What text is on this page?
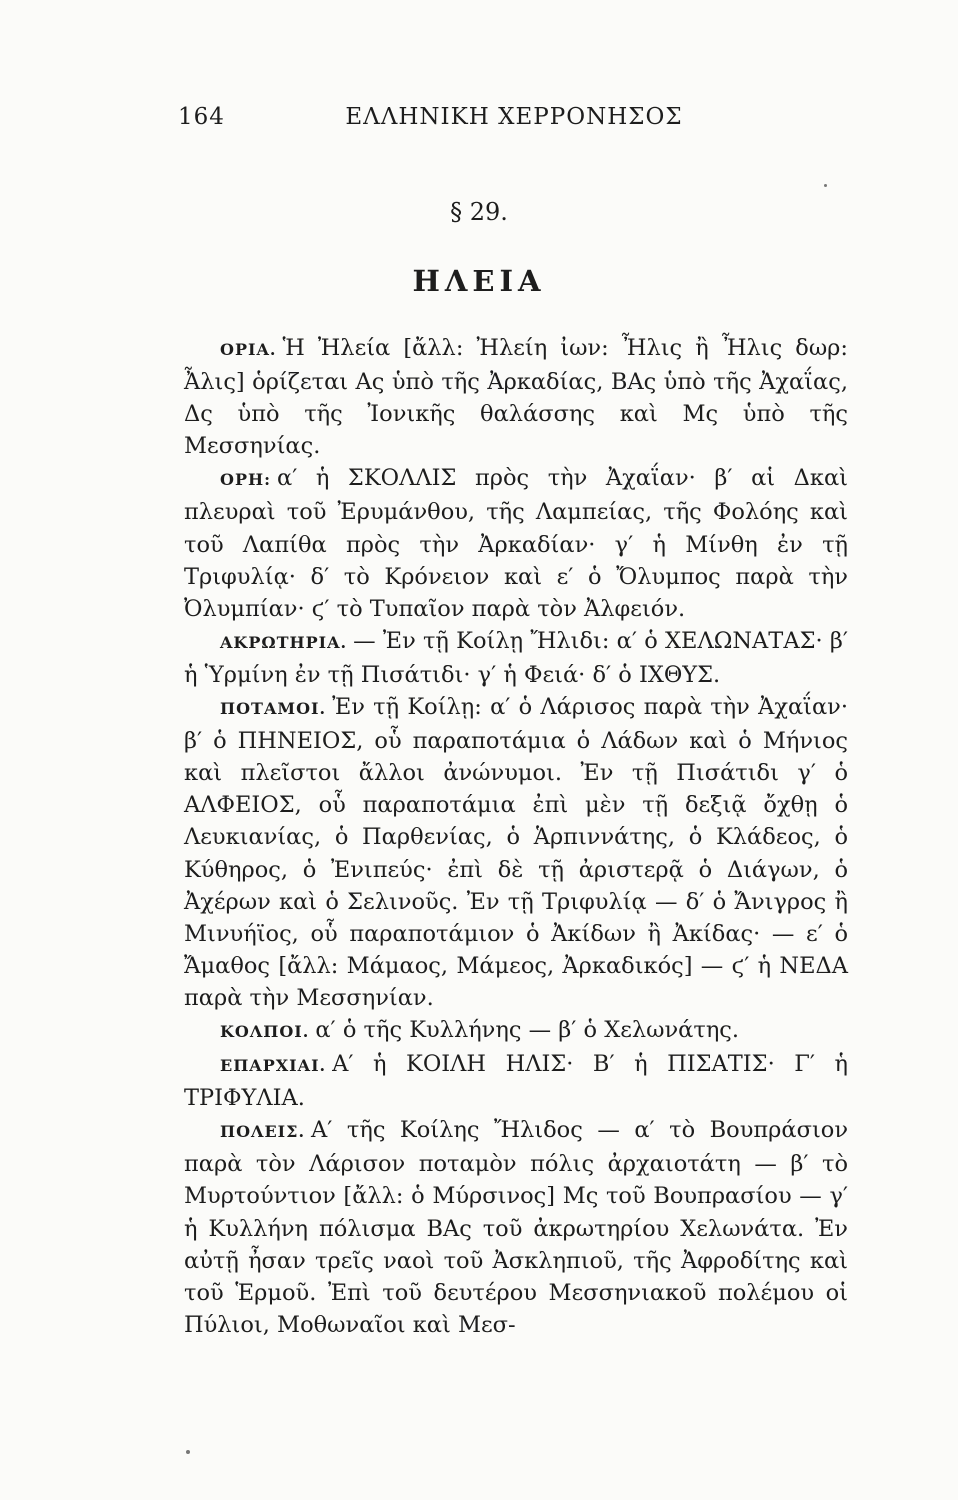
164	ΕΛΛΗΝΙΚΗ ΧΕΡΡΟΝΗΣΟΣ
§ 29.
ΗΛΕΙΑ

ΟΡΙΑ. Ἡ Ἠλεία [ἄλλ: Ἠλείη ἰων: Ἦλις ἢ Ἦλις δωρ: Ἆλις] ὁρίζεται Ας ὑπὸ τῆς Ἀρκαδίας, ΒΑς ὑπὸ τῆς Ἀχαΐας, Δς ὑπὸ τῆς Ἰονικῆς θαλάσσης καὶ Μς ὑπὸ τῆς Μεσσηνίας.

ΟΡΗ: α′ ἡ ΣΚΟΛΛΙΣ πρὸς τὴν Ἀχαΐαν· β′ αἱ Δκαὶ πλευραὶ τοῦ Ἐρυμάνθου, τῆς Λαμπείας, τῆς Φολόης καὶ τοῦ Λαπίθα πρὸς τὴν Ἀρκαδίαν· γ′ ἡ Μίνθη ἐν τῇ Τριφυλίᾳ· δ′ τὸ Κρόνειον καὶ ε′ ὁ Ὄλυμπος παρὰ τὴν Ὀλυμπίαν· ϛ′ τὸ Τυπαῖον παρὰ τὸν Ἀλφειόν.

ΑΚΡΩΤΗΡΙΑ. — Ἐν τῇ Κοίλῃ Ἤλιδι: α′ ὁ ΧΕΛΩΝΑΤΑΣ· β′ ἡ Ὑρμίνη ἐν τῇ Πισάτιδι· γ′ ἡ Φειά· δ′ ὁ ΙΧΘΥΣ.

ΠΟΤΑΜΟΙ. Ἐν τῇ Κοίλῃ: α′ ὁ Λάρισος παρὰ τὴν Ἀχαΐαν· β′ ὁ ΠΗΝΕΙΟΣ, οὗ παραποτάμια ὁ Λάδων καὶ ὁ Μήνιος καὶ πλεῖστοι ἄλλοι ἀνώνυμοι. Ἐν τῇ Πισάτιδι γ′ ὁ ΑΛΦΕΙΟΣ, οὗ παραποτάμια ἐπὶ μὲν τῇ δεξιᾷ ὄχθῃ ὁ Λευκιανίας, ὁ Παρθενίας, ὁ Ἁρπιννάτης, ὁ Κλάδεος, ὁ Κύθηρος, ὁ Ἐνιπεύς· ἐπὶ δὲ τῇ ἀριστερᾷ ὁ Διάγων, ὁ Ἀχέρων καὶ ὁ Σελινοῦς. Ἐν τῇ Τριφυλίᾳ — δ′ ὁ Ἄνιγρος ἢ Μινυήϊος, οὗ παραποτάμιον ὁ Ἀκίδων ἢ Ἀκίδας· — ε′ ὁ Ἄμαθος [ἄλλ: Μάμαος, Μάμεος, Ἀρκαδικός] — ϛ′ ἡ ΝΕΔΑ παρὰ τὴν Μεσσηνίαν.

ΚΟΛΠΟΙ. α′ ὁ τῆς Κυλλήνης — β′ ὁ Χελωνάτης.

ΕΠΑΡΧΙΑΙ. Α′ ἡ ΚΟΙΛΗ ΗΛΙΣ· Β′ ἡ ΠΙΣΑΤΙΣ· Γ′ ἡ ΤΡΙΦΥΛΙΑ.

ΠΟΛΕΙΣ. Α′ τῆς Κοίλης Ἤλιδος — α′ τὸ Βουπράσιον παρὰ τὸν Λάρισον ποταμὸν πόλις ἀρχαιοτάτη — β′ τὸ Μυρτούντιον [ἄλλ: ὁ Μύρσινος] Μς τοῦ Βουπρασίου — γ′ ἡ Κυλλήνη πόλισμα ΒΑς τοῦ ἀκρωτηρίου Χελωνάτα. Ἐν αὐτῇ ἦσαν τρεῖς ναοὶ τοῦ Ἀσκληπιοῦ, τῆς Ἀφροδίτης καὶ τοῦ Ἑρμοῦ. Ἐπὶ τοῦ δευτέρου Μεσσηνιακοῦ πολέμου οἱ Πύλιοι, Μοθωναῖοι καὶ Μεσ-
